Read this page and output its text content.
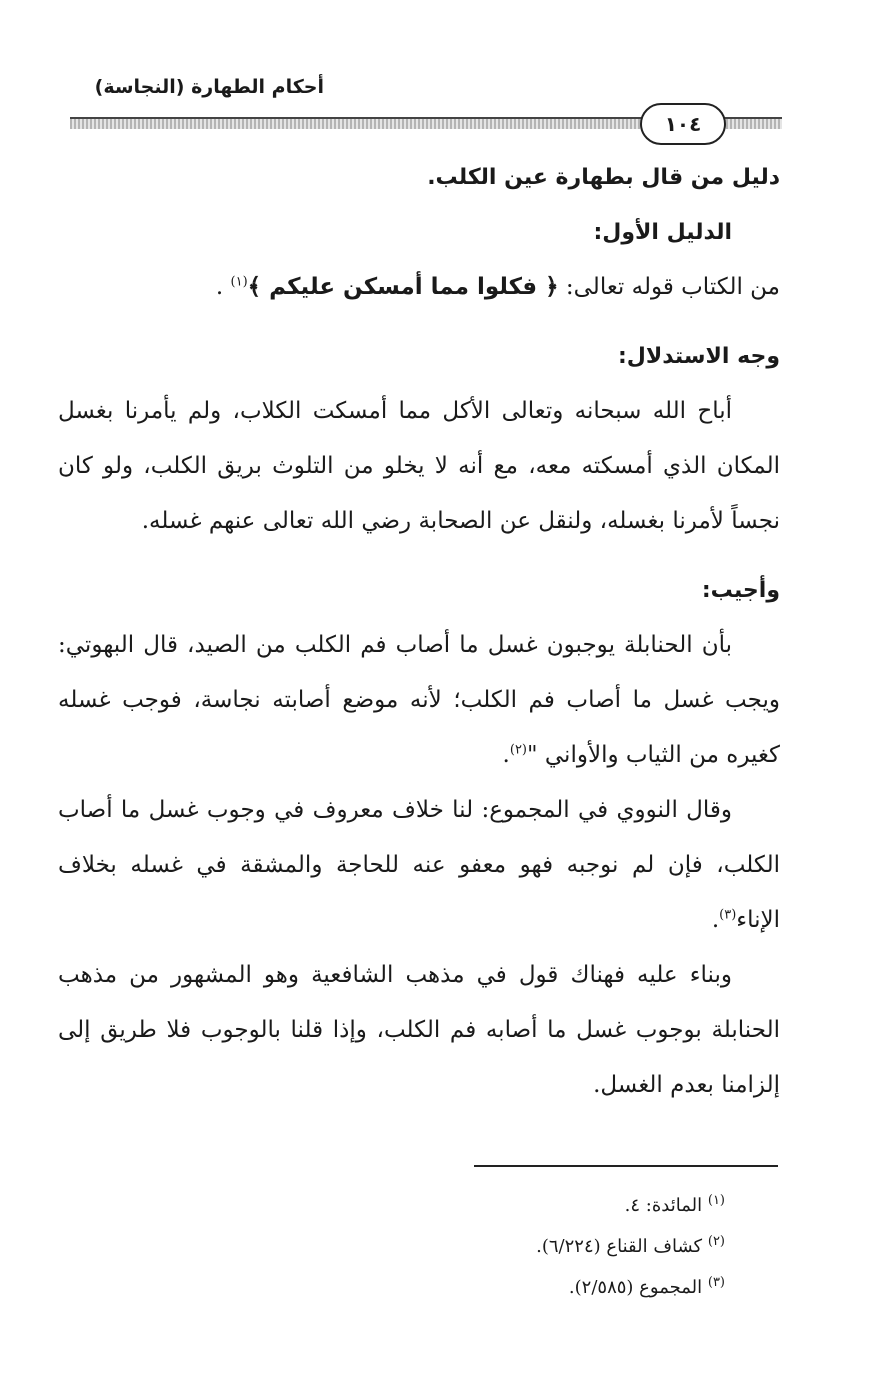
أحكام الطهارة (النجاسة)
١٠٤

دليل من قال بطهارة عين الكلب.

الدليل الأول:

من الكتاب قوله تعالى: ﴿ فكلوا مما أمسكن عليكم ﴾$^{(١)}$ .

وجه الاستدلال:

أباح الله سبحانه وتعالى الأكل مما أمسكت الكلاب، ولم يأمرنا بغسل المكان الذي أمسكته معه، مع أنه لا يخلو من التلوث بريق الكلب، ولو كان نجساً لأمرنا بغسله، ولنقل عن الصحابة رضي الله تعالى عنهم غسله.

وأجيب:

بأن الحنابلة يوجبون غسل ما أصاب فم الكلب من الصيد، قال البهوتي: ويجب غسل ما أصاب فم الكلب؛ لأنه موضع أصابته نجاسة، فوجب غسله كغيره من الثياب والأواني "$^{(٢)}$.

وقال النووي في المجموع: لنا خلاف معروف في وجوب غسل ما أصاب الكلب، فإن لم نوجبه فهو معفو عنه للحاجة والمشقة في غسله بخلاف الإناء$^{(٣)}$.

وبناء عليه فهناك قول في مذهب الشافعية وهو المشهور من مذهب الحنابلة بوجوب غسل ما أصابه فم الكلب، وإذا قلنا بالوجوب فلا طريق إلى إلزامنا بعدم الغسل.

$^{(١)}$ المائدة: ٤.
$^{(٢)}$ كشاف القناع (٦/٢٢٤).
$^{(٣)}$ المجموع (٢/٥٨٥).
